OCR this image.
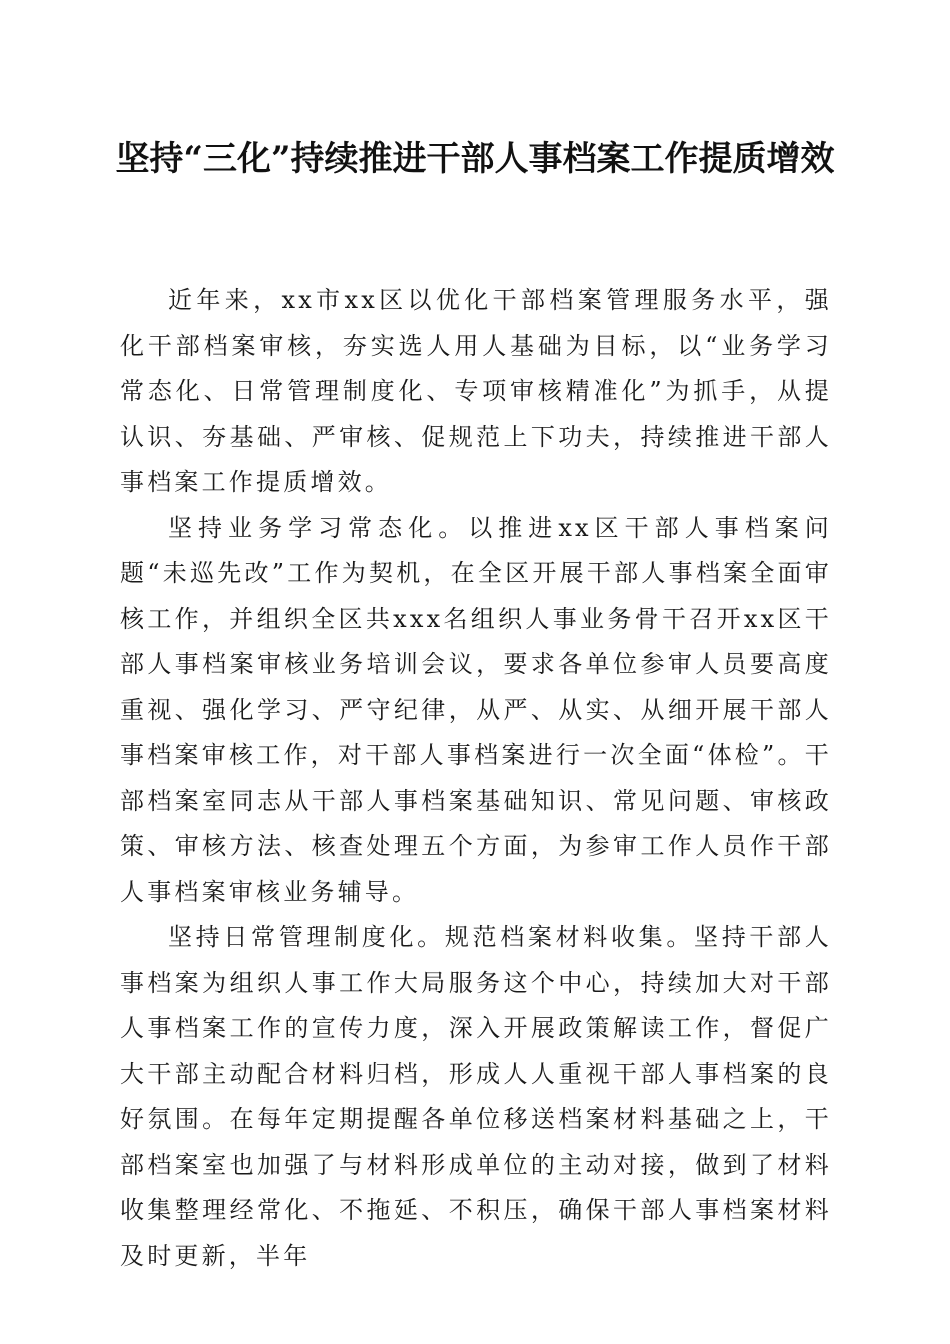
坚持“三化”持续推进干部人事档案工作提质增效

近年来，xx市xx区以优化干部档案管理服务水平，强化干部档案审核，夯实选人用人基础为目标，以“业务学习常态化、日常管理制度化、专项审核精准化”为抓手，从提认识、夯基础、严审核、促规范上下功夫，持续推进干部人事档案工作提质增效。

坚持业务学习常态化。以推进xx区干部人事档案问题“未巡先改”工作为契机，在全区开展干部人事档案全面审核工作，并组织全区共xxx名组织人事业务骨干召开xx区干部人事档案审核业务培训会议，要求各单位参审人员要高度重视、强化学习、严守纪律，从严、从实、从细开展干部人事档案审核工作，对干部人事档案进行一次全面“体检”。干部档案室同志从干部人事档案基础知识、常见问题、审核政策、审核方法、核查处理五个方面，为参审工作人员作干部人事档案审核业务辅导。

坚持日常管理制度化。规范档案材料收集。坚持干部人事档案为组织人事工作大局服务这个中心，持续加大对干部人事档案工作的宣传力度，深入开展政策解读工作，督促广大干部主动配合材料归档，形成人人重视干部人事档案的良好氛围。在每年定期提醒各单位移送档案材料基础之上，干部档案室也加强了与材料形成单位的主动对接，做到了材料收集整理经常化、不拖延、不积压，确保干部人事档案材料及时更新，半年
